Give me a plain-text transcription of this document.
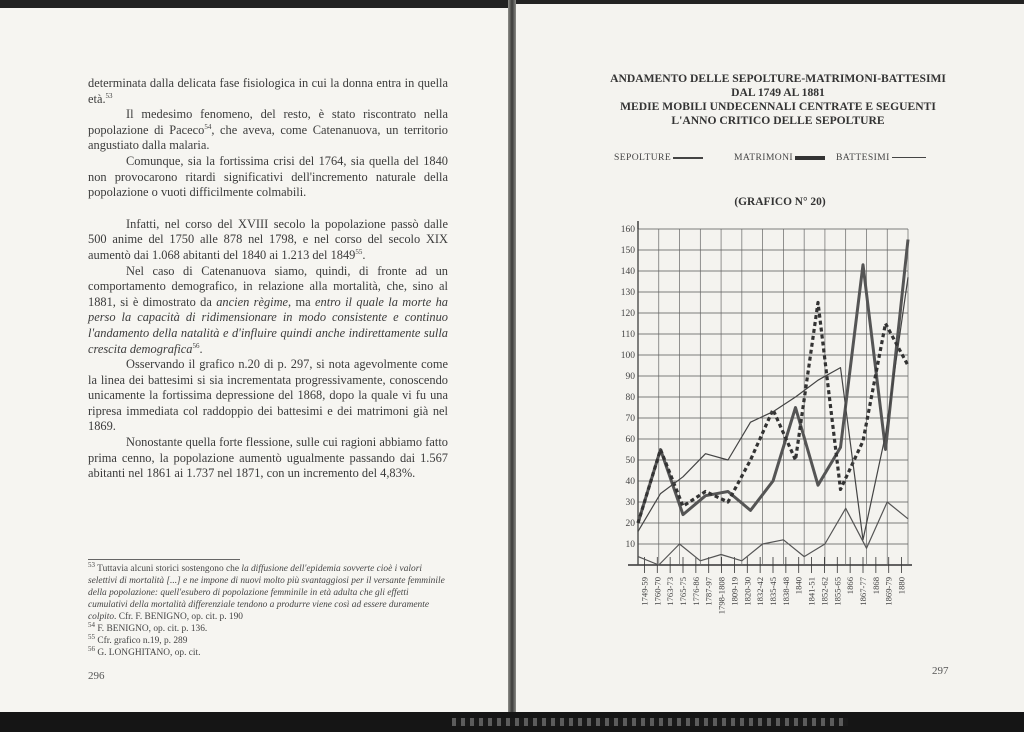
determinata dalla delicata fase fisiologica in cui la donna entra in quella età.$^{53}$

Il medesimo fenomeno, del resto, è stato riscontrato nella popolazione di Paceco$^{54}$, che aveva, come Catenanuova, un territorio angustiato dalla malaria.

Comunque, sia la fortissima crisi del 1764, sia quella del 1840 non provocarono ritardi significativi dell'incremento naturale della popolazione o vuoti difficilmente colmabili.

Infatti, nel corso del XVIII secolo la popolazione passò dalle 500 anime del 1750 alle 878 nel 1798, e nel corso del secolo XIX aumentò dai 1.068 abitanti del 1840 ai 1.213 del 1849$^{55}$.

Nel caso di Catenanuova siamo, quindi, di fronte ad un comportamento demografico, in relazione alla mortalità, che, sino al 1881, si è dimostrato da ancien règime, ma entro il quale la morte ha perso la capacità di ridimensionare in modo consistente e continuo l'andamento della natalità e d'influire quindi anche indirettamente sulla crescita demografica$^{56}$.

Osservando il grafico n.20 di p. 297, si nota agevolmente come la linea dei battesimi si sia incrementata progressivamente, conoscendo unicamente la fortissima depressione del 1868, dopo la quale vi fu una ripresa immediata col raddoppio dei battesimi e dei matrimoni già nel 1869.

Nonostante quella forte flessione, sulle cui ragioni abbiamo fatto prima cenno, la popolazione aumentò ugualmente passando dai 1.567 abitanti nel 1861 ai 1.737 nel 1871, con un incremento del 4,83%.

$^{53}$ Tuttavia alcuni storici sostengono che la diffusione dell'epidemia sovverte cioè i valori selettivi di mortalità [...] e ne impone di nuovi molto più svantaggiosi per il versante femminile della popolazione: quell'esubero di popolazione femminile in età adulta che gli effetti cumulativi della mortalità differenziale tendono a produrre viene così ad essere duramente colpito. Cfr. F. BENIGNO, op. cit. p. 190
$^{54}$ F. BENIGNO, op. cit. p. 136.
$^{55}$ Cfr. grafico n.19, p. 289
$^{56}$ G. LONGHITANO, op. cit.
296
ANDAMENTO DELLE SEPOLTURE-MATRIMONI-BATTESIMI
DAL 1749 AL 1881
MEDIE MOBILI UNDECENNALI CENTRATE E SEGUENTI
L'ANNO CRITICO DELLE SEPOLTURE
SEPOLTURE	MATRIMONI	BATTESIMI
(GRAFICO N° 20)
10
20
30
40
50
60
70
80
90
100
110
120
130
140
150
160
1749-59 1760-70 1763-73 1765-75 1776-86 1787-97 1798-1808 1809-19 1820-30 1832-42 1835-45 1838-48 1840 1841-51 1852-62 1855-65 1866 1867-77 1868 1869-79 1880
297
